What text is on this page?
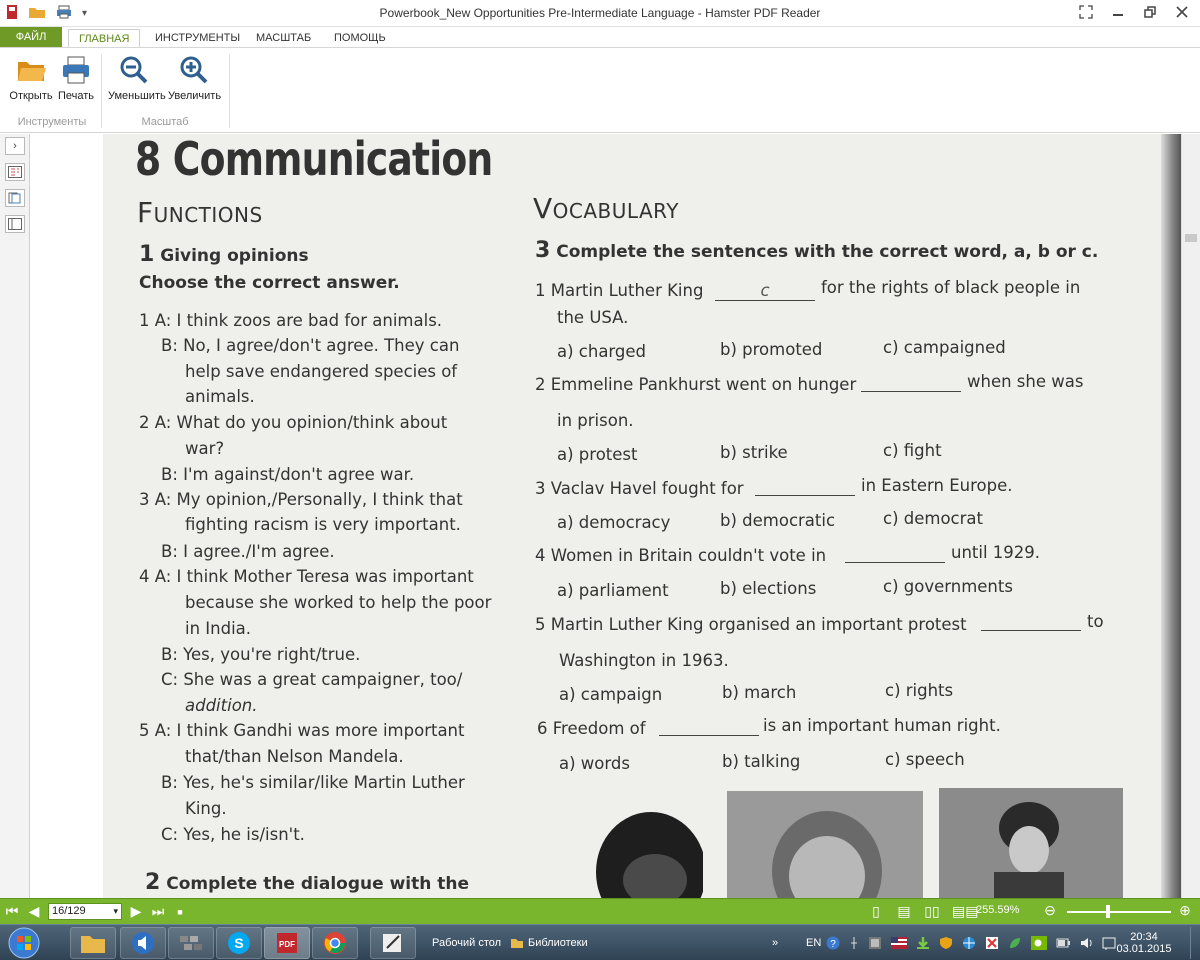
▾	Powerbook_New Opportunities Pre-Intermediate Language - Hamster PDF Reader
ФАЙЛ	ГЛАВНАЯ	ИНСТРУМЕНТЫ	МАСШТАБ	ПОМОЩЬ
Открыть Печать	Уменьшить Увеличить
Инструменты	Масштаб
›	8 Communication
Functions
1 Giving opinions
Choose the correct answer.
1 A: I think zoos are bad for animals.
B: No, I agree/don't agree. They can
help save endangered species of
animals.
2 A: What do you opinion/think about
war?
B: I'm against/don't agree war.
3 A: My opinion,/Personally, I think that
fighting racism is very important.
B: I agree./I'm agree.
4 A: I think Mother Teresa was important
because she worked to help the poor
in India.
B: Yes, you're right/true.
C: She was a great campaigner, too/
addition.
5 A: I think Gandhi was more important
that/than Nelson Mandela.
B: Yes, he's similar/like Martin Luther
King.
C: Yes, he is/isn't.
2 Complete the dialogue with the
Vocabulary
3 Complete the sentences with the correct word, a, b or c.
1 Martin Luther King	c	for the rights of black people in
the USA.
a) charged	b) promoted	c) campaigned
2 Emmeline Pankhurst went on hunger	when she was
in prison.
a) protest	b) strike	c) fight
3 Vaclav Havel fought for	in Eastern Europe.
a) democracy	b) democratic	c) democrat
4 Women in Britain couldn't vote in	until 1929.
a) parliament	b) elections	c) governments
5 Martin Luther King organised an important protest	to
Washington in 1963.
a) campaign	b) march	c) rights
6 Freedom of	is an important human right.
a) words	b) talking	c) speech
⏮ ◀	16/129	▾ ▶ ⏭	■	▯ ▤ ▯▯ ▤▤
255.59% ⊖	⊕
S	PDF	Рабочий стол Библиотеки	»	EN ?
20:34
03.01.2015
